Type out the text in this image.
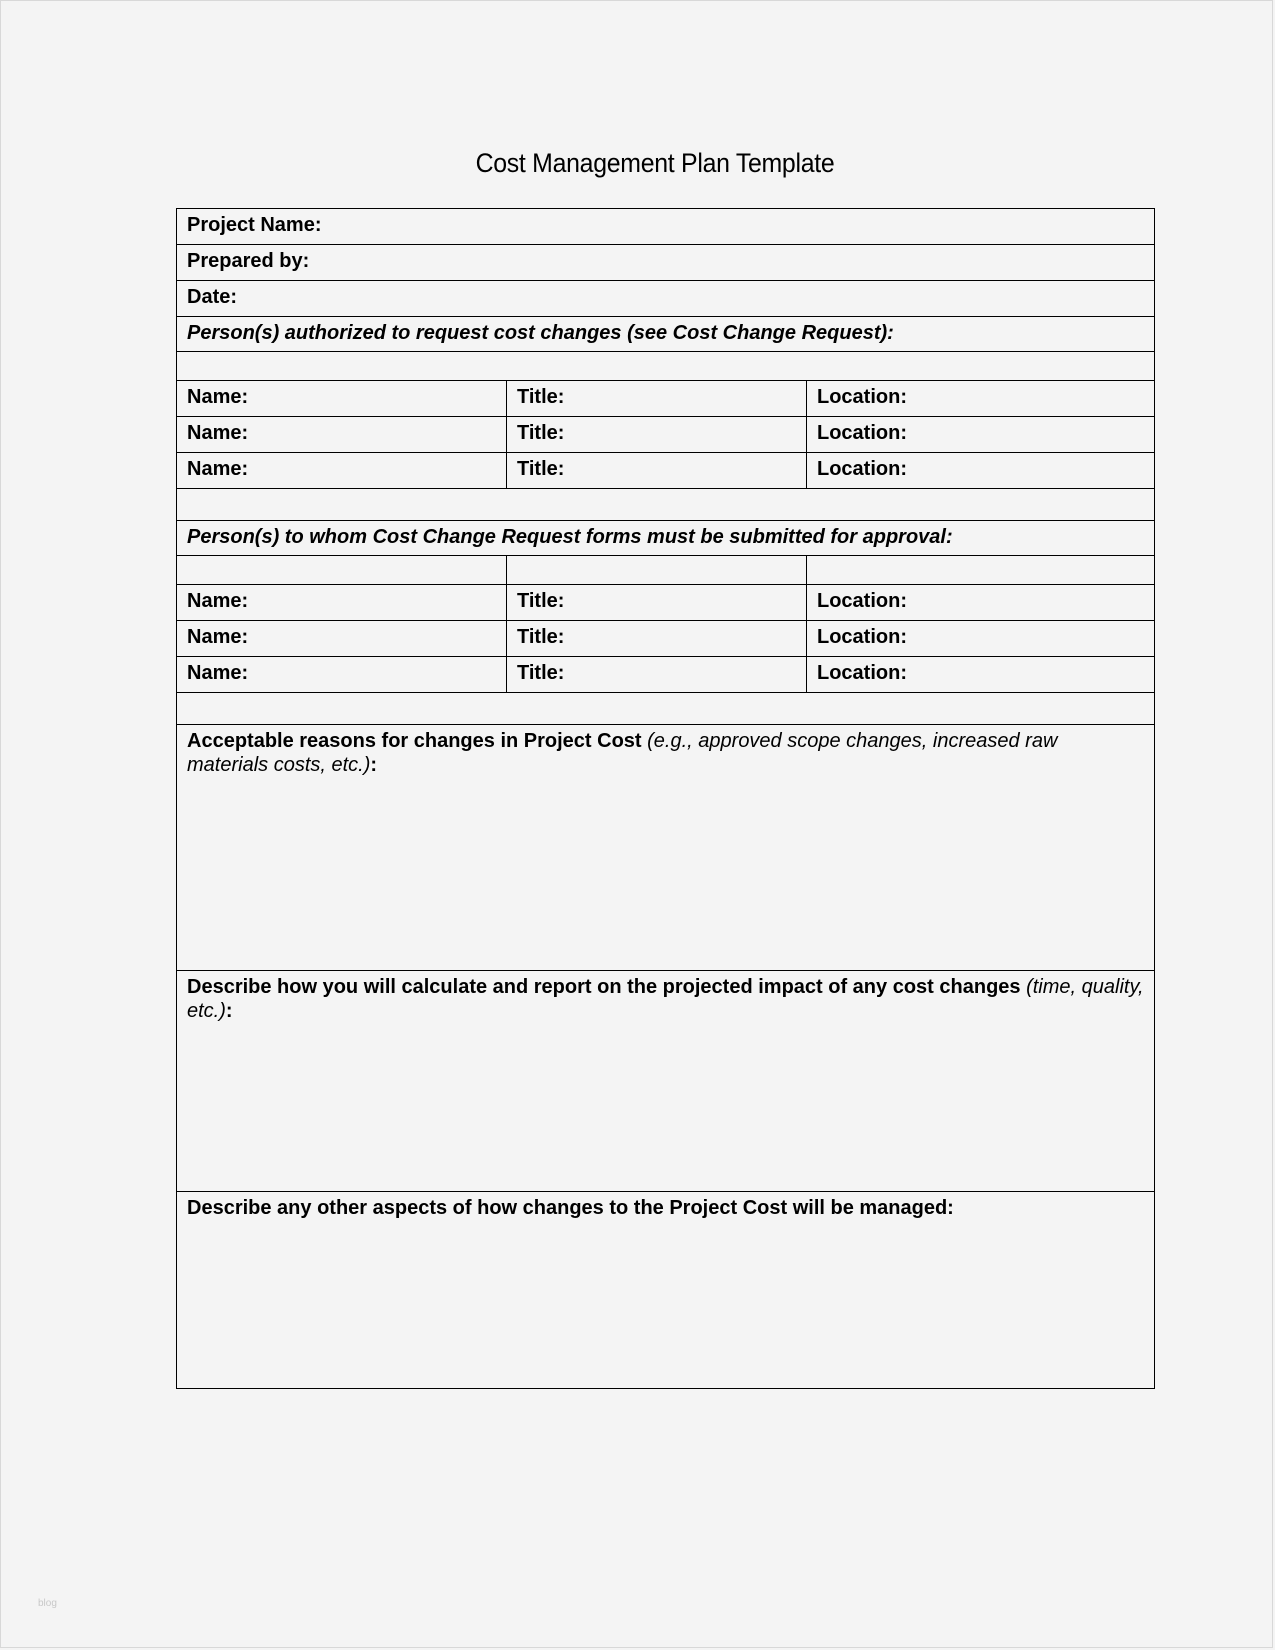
Cost Management Plan Template
Project Name:		
Prepared by:		
Date:		
Person(s) authorized to request cost changes (see Cost Change Request):		

Name:	Title:	Location:
Name:	Title:	Location:
Name:	Title:	Location:

Person(s) to whom Cost Change Request forms must be submitted for approval:		

Name:	Title:	Location:
Name:	Title:	Location:
Name:	Title:	Location:

Acceptable reasons for changes in Project Cost (e.g., approved scope changes, increased raw materials costs, etc.):		
Describe how you will calculate and report on the projected impact of any cost changes (time, quality, etc.):		
Describe any other aspects of how changes to the Project Cost will be managed:		
blog
